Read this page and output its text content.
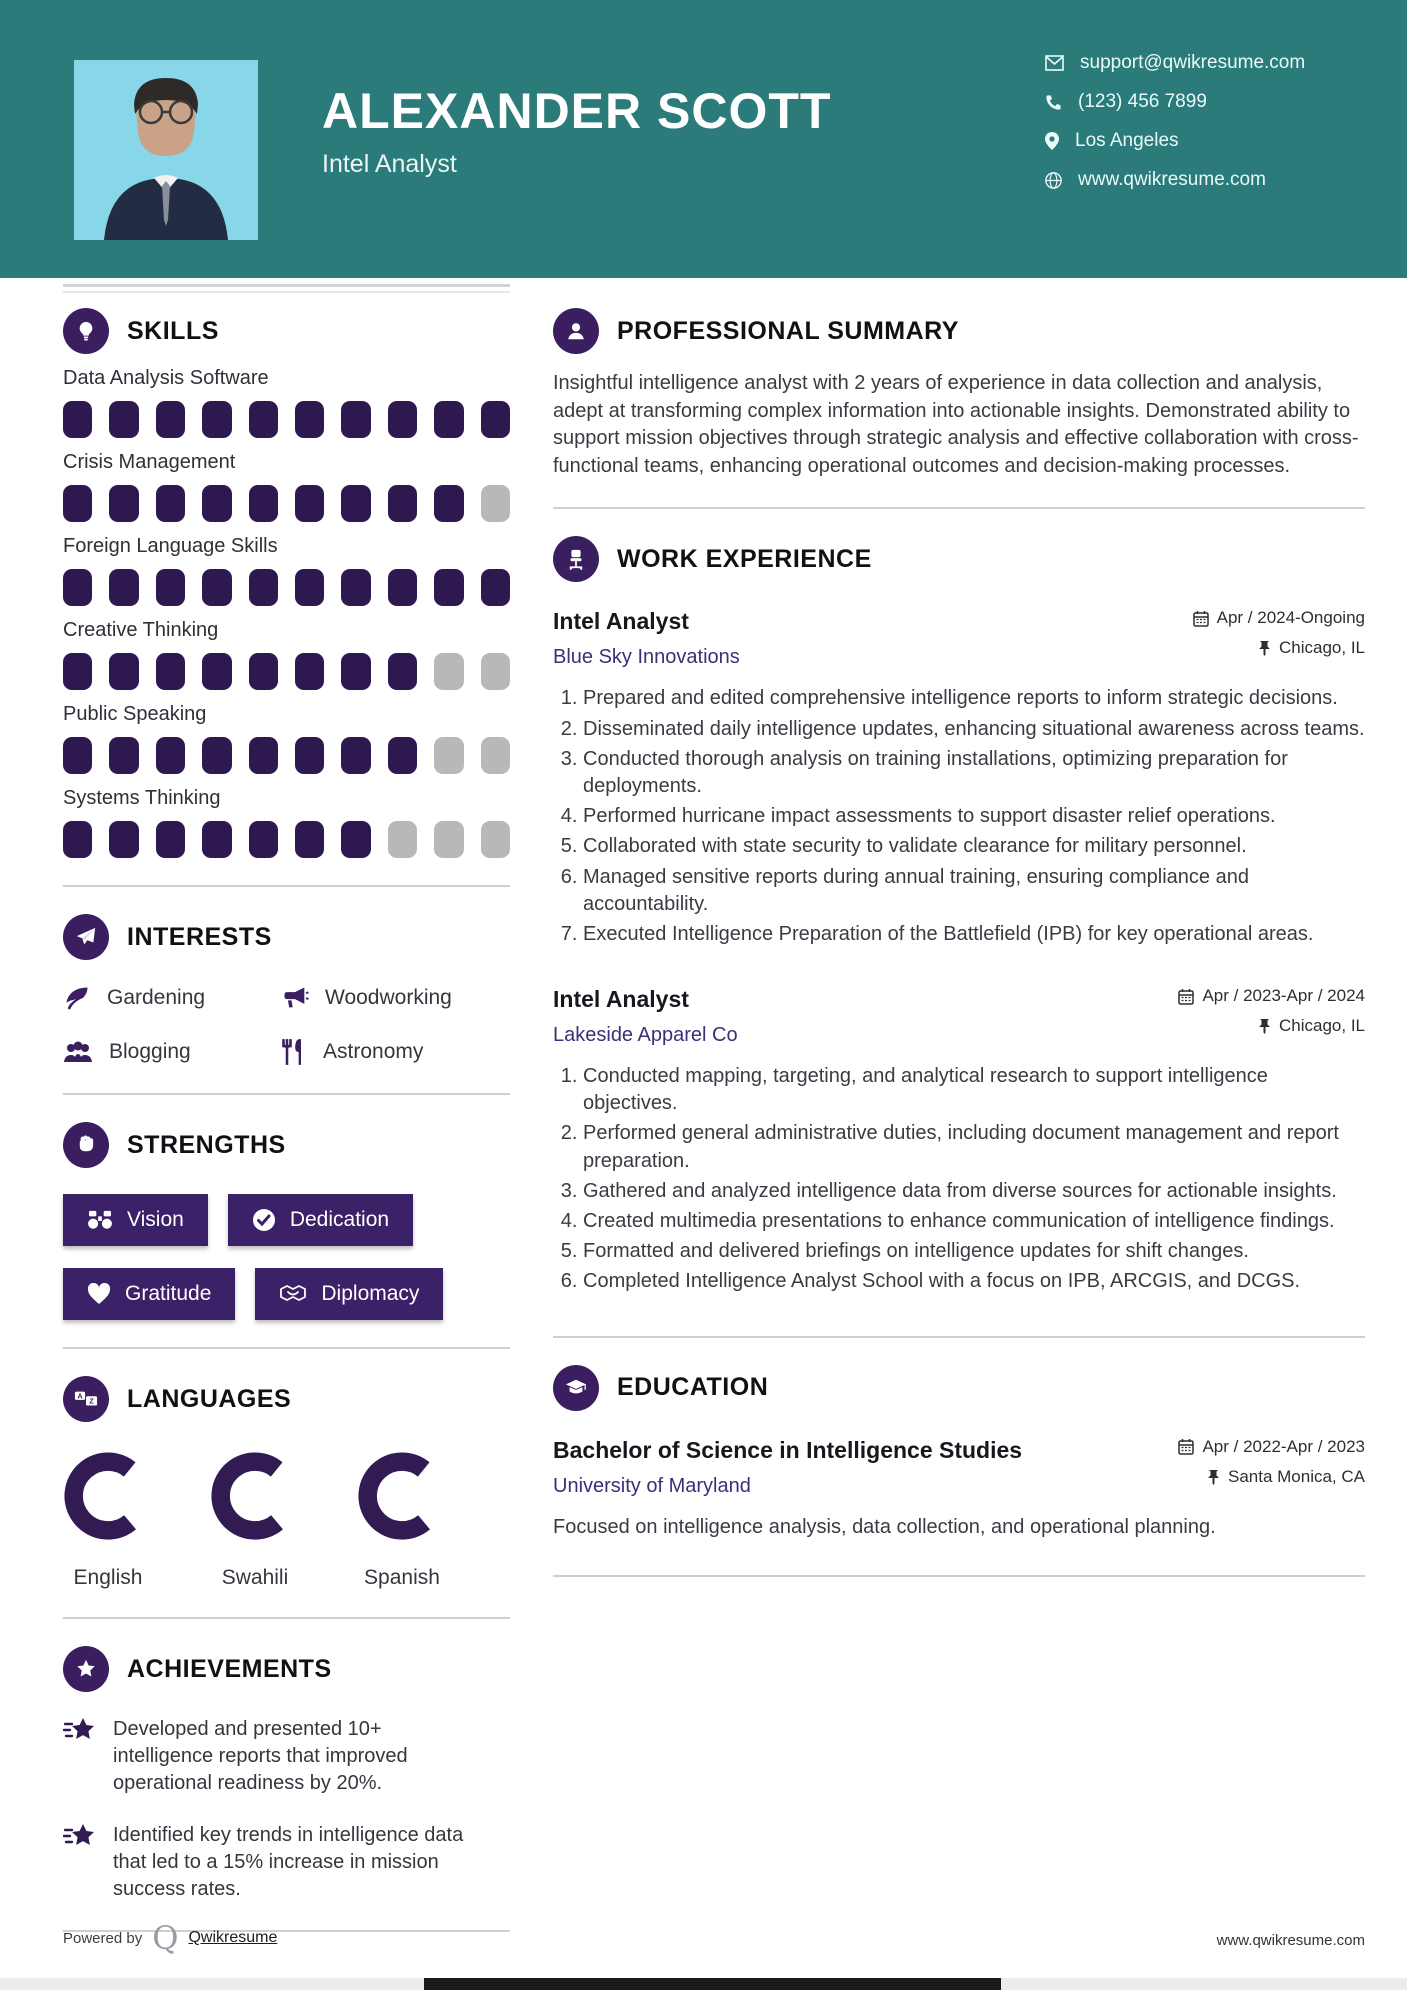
ALEXANDER SCOTT
Intel Analyst
support@qwikresume.com
(123) 456 7899
Los Angeles
www.qwikresume.com
SKILLS
Data Analysis Software
Crisis Management
Foreign Language Skills
Creative Thinking
Public Speaking
Systems Thinking
INTERESTS
Gardening	Woodworking
Blogging	Astronomy
STRENGTHS
Vision	Dedication
Gratitude	Diplomacy
A
Z LANGUAGES
English	Swahili	Spanish
ACHIEVEMENTS
Developed and presented 10+ intelligence reports that improved operational readiness by 20%.
Identified key trends in intelligence data that led to a 15% increase in mission success rates.
PROFESSIONAL SUMMARY

Insightful intelligence analyst with 2 years of experience in data collection and analysis, adept at transforming complex information into actionable insights. Demonstrated ability to support mission objectives through strategic analysis and effective collaboration with cross-functional teams, enhancing operational outcomes and decision-making processes.

WORK EXPERIENCE
Intel Analyst
Blue Sky Innovations
Apr / 2024-Ongoing
Chicago, IL
1. Prepared and edited comprehensive intelligence reports to inform strategic decisions.
2. Disseminated daily intelligence updates, enhancing situational awareness across teams.
3. Conducted thorough analysis on training installations, optimizing preparation for deployments.
4. Performed hurricane impact assessments to support disaster relief operations.
5. Collaborated with state security to validate clearance for military personnel.
6. Managed sensitive reports during annual training, ensuring compliance and accountability.
7. Executed Intelligence Preparation of the Battlefield (IPB) for key operational areas.
Intel Analyst
Lakeside Apparel Co
Apr / 2023-Apr / 2024
Chicago, IL
1. Conducted mapping, targeting, and analytical research to support intelligence objectives.
2. Performed general administrative duties, including document management and report preparation.
3. Gathered and analyzed intelligence data from diverse sources for actionable insights.
4. Created multimedia presentations to enhance communication of intelligence findings.
5. Formatted and delivered briefings on intelligence updates for shift changes.
6. Completed Intelligence Analyst School with a focus on IPB, ARCGIS, and DCGS.
EDUCATION
Bachelor of Science in Intelligence Studies
University of Maryland
Apr / 2022-Apr / 2023
Santa Monica, CA
Focused on intelligence analysis, data collection, and operational planning.
Powered by Q Qwikresume	www.qwikresume.com
